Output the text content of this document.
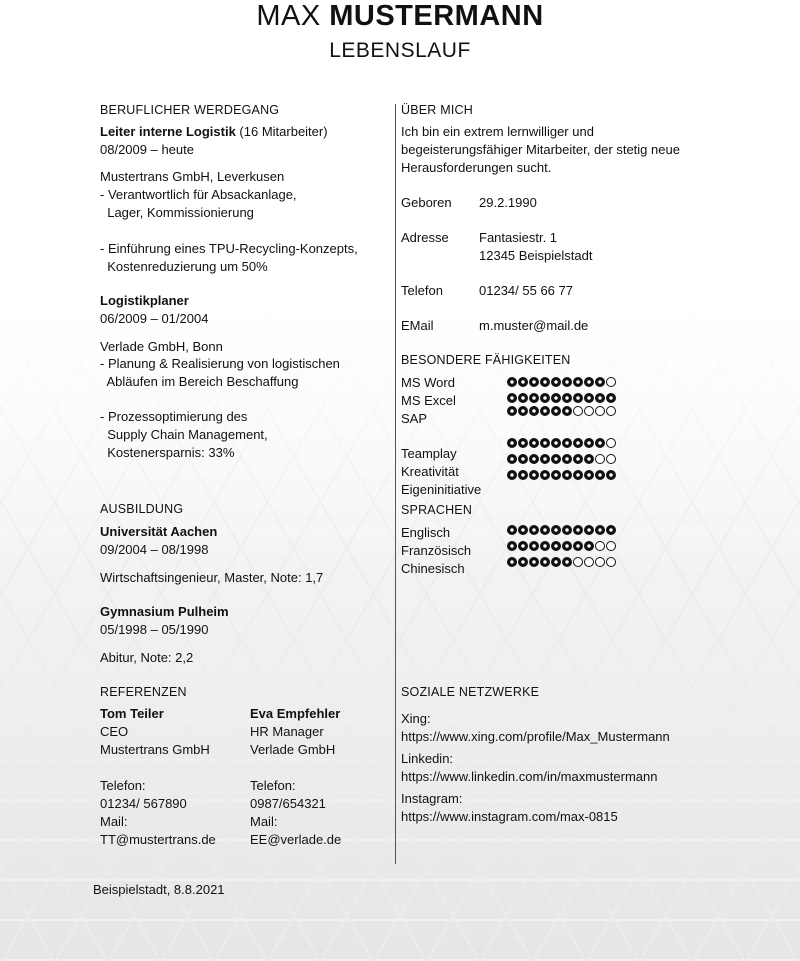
MAX MUSTERMANN
LEBENSLAUF
BERUFLICHER WERDEGANG
Leiter interne Logistik (16 Mitarbeiter)
08/2009 – heute
Mustertrans GmbH, Leverkusen
- Verantwortlich für Absackanlage,
Lager, Kommissionierung
- Einführung eines TPU-Recycling-Konzepts,
Kostenreduzierung um 50%
Logistikplaner
06/2009 – 01/2004
Verlade GmbH, Bonn
- Planung & Realisierung von logistischen
Abläufen im Bereich Beschaffung
- Prozessoptimierung des
Supply Chain Management,
Kostenersparnis: 33%
AUSBILDUNG
Universität Aachen
09/2004 – 08/1998
Wirtschaftsingenieur, Master, Note: 1,7
Gymnasium Pulheim
05/1998 – 05/1990
Abitur, Note: 2,2
REFERENZEN
Tom Teiler
CEO
Mustertrans GmbH
Telefon:
01234/ 567890
Mail:
TT@mustertrans.de
Eva Empfehler
HR Manager
Verlade GmbH
Telefon:
0987/654321
Mail:
EE@verlade.de
Beispielstadt, 8.8.2021
ÜBER MICH
Ich bin ein extrem lernwilliger und
begeisterungsfähiger Mitarbeiter, der stetig neue
Herausforderungen sucht.
Geboren 29.2.1990
Adresse Fantasiestr. 1
12345 Beispielstadt
Telefon	01234/ 55 66 77
EMail	m.muster@mail.de
BESONDERE FÄHIGKEITEN
MS Word
MS Excel
SAP
Teamplay
Kreativität
Eigeninitiative
SPRACHEN
Englisch
Französisch
Chinesisch
SOZIALE NETZWERKE
Xing:
https://www.xing.com/profile/Max_Mustermann
Linkedin:
https://www.linkedin.com/in/maxmustermann
Instagram:
https://www.instagram.com/max-0815
